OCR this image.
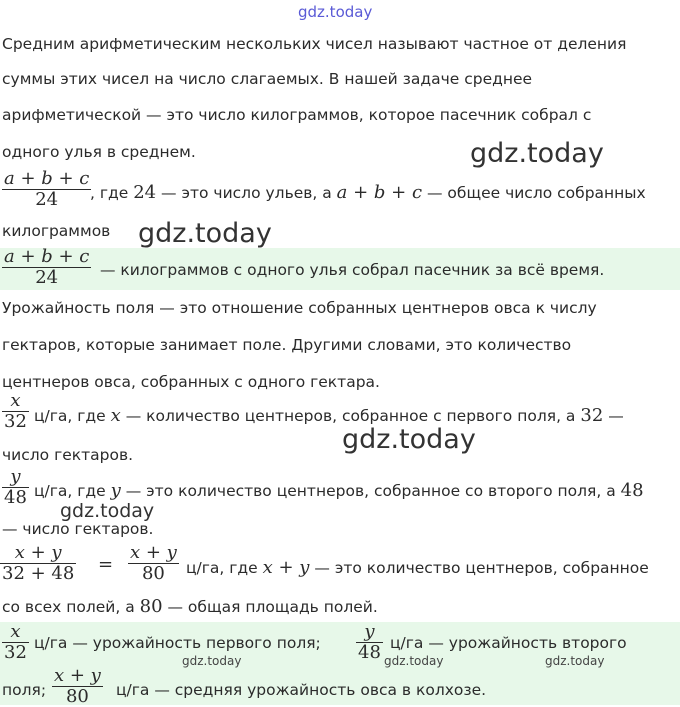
gdz.today
Средним арифметическим нескольких чисел называют частное от деления
суммы этих чисел на число слагаемых. В нашей задаче среднее
арифметической — это число килограммов, которое пасечник собрал с
одного улья в среднем.	gdz.today
$\frac{a + b + c}{24}$
, где 24 — это число ульев, а a + b + c — общее число собранных
килограммов gdz.today
$\frac{a + b + c}{24}$ — килограммов с одного улья собрал пасечник за всё время.
Урожайность поля — это отношение собранных центнеров овса к числу
гектаров, которые занимает поле. Другими словами, это количество
центнеров овса, собранных с одного гектара.
$\frac{x}{32} ц/га$, где x — количество центнеров, собранное с первого поля, а 32 —
число гектаров.	gdz.today
$\frac{y}{48} ц/га$, где y — это количество центнеров, собранное со второго поля, а 48
— число гектаров.
gdz.today
$\frac{x + y}{32 + 48} = \frac{x + y}{80} ц/га$, где x + y — это количество центнеров, собранное
со всех полей, а 80 — общая площадь полей.
$\frac{x}{32} ц/га$ — урожайность первого поля; $\frac{y}{48} ц/га$ — урожайность второго
gdz.today	gdz.today	gdz.today
поля; $\frac{x + y}{80} ц/га$ — средняя урожайность овса в колхозе.
